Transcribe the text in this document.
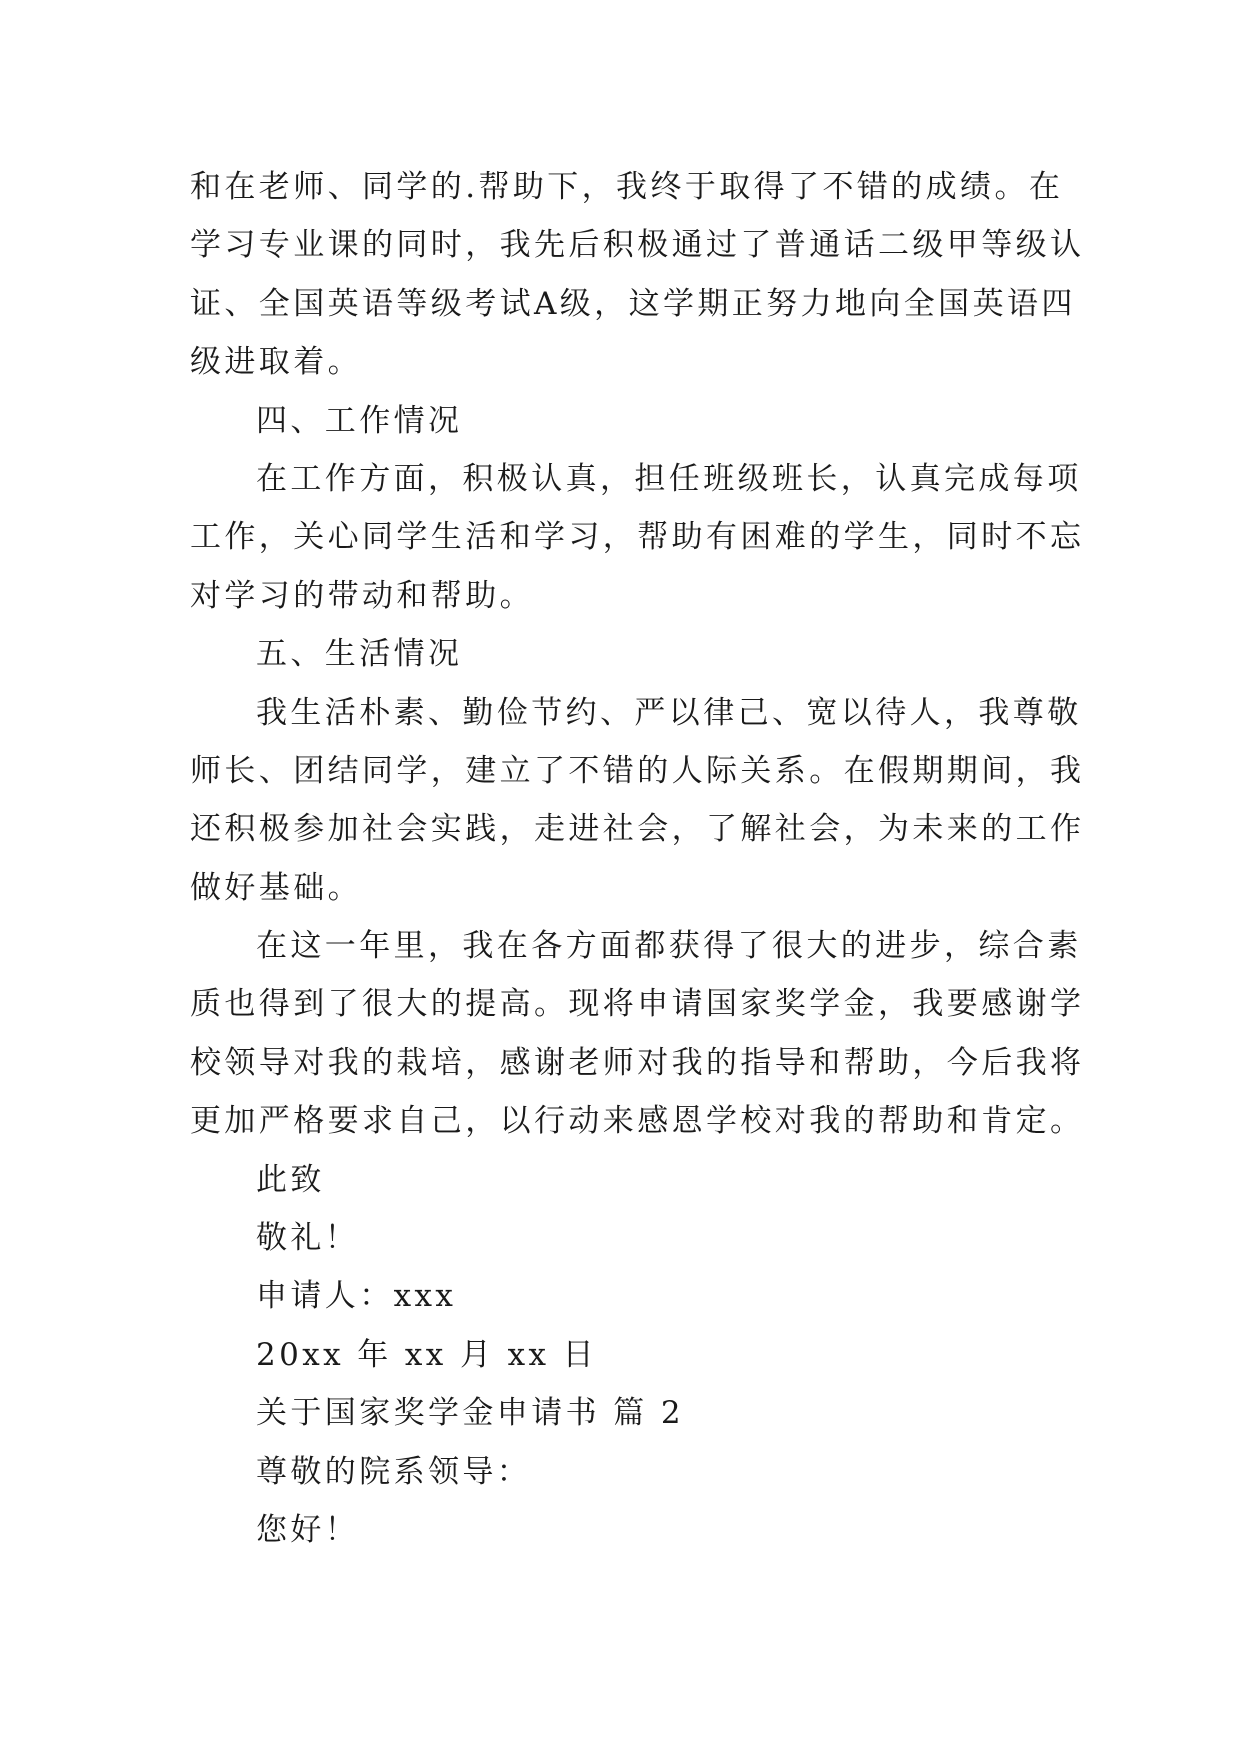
和在老师、同学的.帮助下，我终于取得了不错的成绩。在
学习专业课的同时，我先后积极通过了普通话二级甲等级认
证、全国英语等级考试A级，这学期正努力地向全国英语四
级进取着。
四、工作情况
在工作方面，积极认真，担任班级班长，认真完成每项
工作，关心同学生活和学习，帮助有困难的学生，同时不忘
对学习的带动和帮助。
五、生活情况
我生活朴素、勤俭节约、严以律己、宽以待人，我尊敬
师长、团结同学，建立了不错的人际关系。在假期期间，我
还积极参加社会实践，走进社会，了解社会，为未来的工作
做好基础。
在这一年里，我在各方面都获得了很大的进步，综合素
质也得到了很大的提高。现将申请国家奖学金，我要感谢学
校领导对我的栽培，感谢老师对我的指导和帮助，今后我将
更加严格要求自己，以行动来感恩学校对我的帮助和肯定。
此致
敬礼！
申请人：xxx
20xx 年 xx 月 xx 日
关于国家奖学金申请书 篇 2
尊敬的院系领导：
您好！
